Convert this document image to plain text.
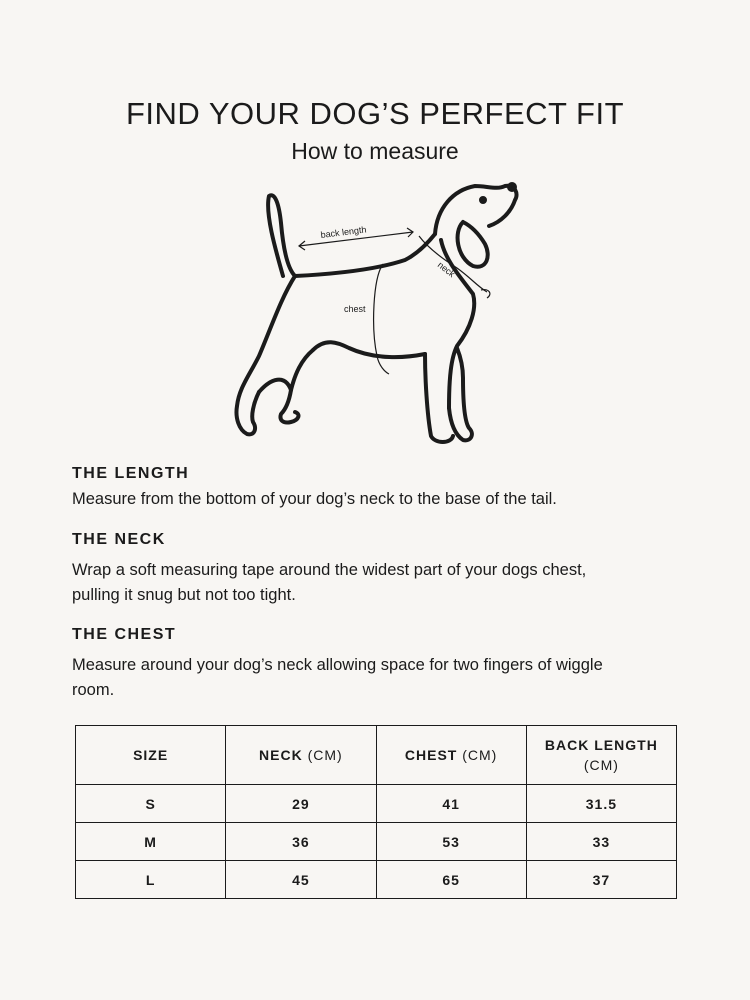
FIND YOUR DOG’S PERFECT FIT
How to measure
back length
neck
chest
THE LENGTH

Measure from the bottom of your dog’s neck to the base of the tail.

THE NECK

Wrap a soft measuring tape around the widest part of your dogs chest, pulling it snug but not too tight.

THE CHEST

Measure around your dog’s neck allowing space for two fingers of wiggle room.

SIZE	NECK (CM)	CHEST (CM)	BACK LENGTH
(CM)
S	29	41	31.5
M	36	53	33
L	45	65	37
